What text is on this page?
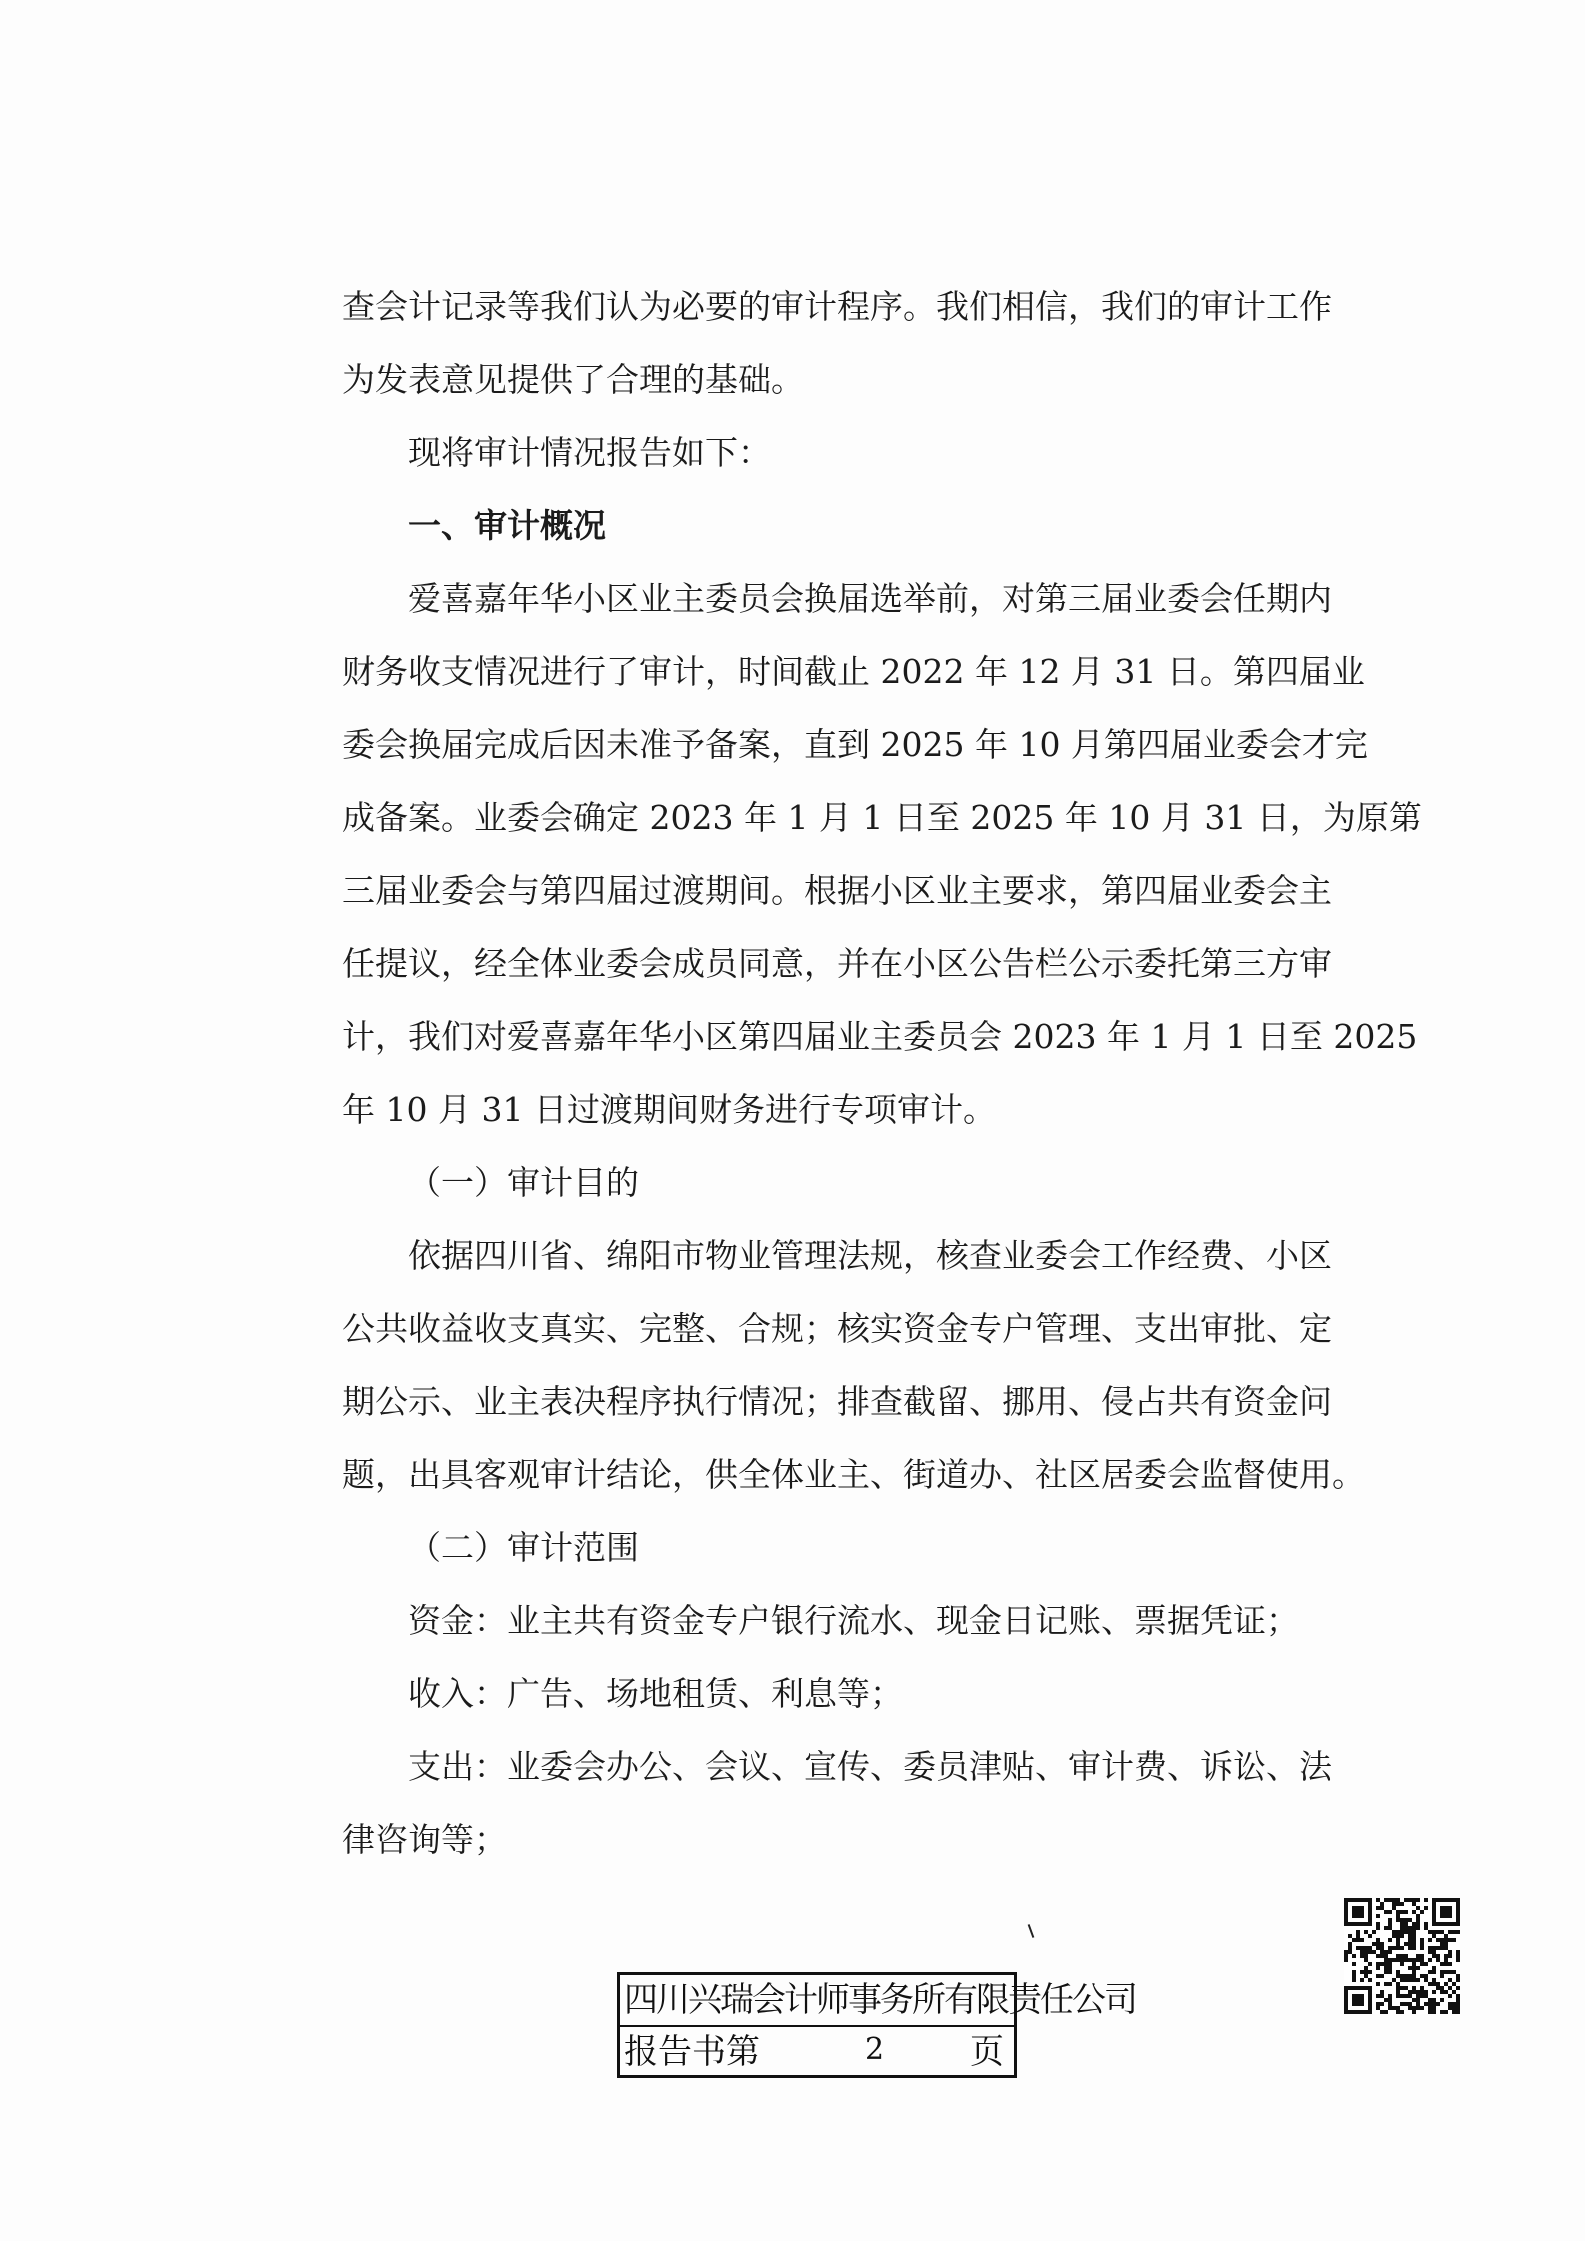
查会计记录等我们认为必要的审计程序。我们相信，我们的审计工作
为发表意见提供了合理的基础。
现将审计情况报告如下：
一、审计概况
爱喜嘉年华小区业主委员会换届选举前，对第三届业委会任期内
财务收支情况进行了审计，时间截止 2022 年 12 月 31 日。第四届业
委会换届完成后因未准予备案，直到 2025 年 10 月第四届业委会才完
成备案。业委会确定 2023 年 1 月 1 日至 2025 年 10 月 31 日，为原第
三届业委会与第四届过渡期间。根据小区业主要求，第四届业委会主
任提议，经全体业委会成员同意，并在小区公告栏公示委托第三方审
计，我们对爱喜嘉年华小区第四届业主委员会 2023 年 1 月 1 日至 2025
年 10 月 31 日过渡期间财务进行专项审计。
（一）审计目的
依据四川省、绵阳市物业管理法规，核查业委会工作经费、小区
公共收益收支真实、完整、合规；核实资金专户管理、支出审批、定
期公示、业主表决程序执行情况；排查截留、挪用、侵占共有资金问
题，出具客观审计结论，供全体业主、街道办、社区居委会监督使用。
（二）审计范围
资金：业主共有资金专户银行流水、现金日记账、票据凭证；
收入：广告、场地租赁、利息等；
支出：业委会办公、会议、宣传、委员津贴、审计费、诉讼、法
律咨询等；
四川兴瑞会计师事务所有限责任公司
报告书第	2	页
